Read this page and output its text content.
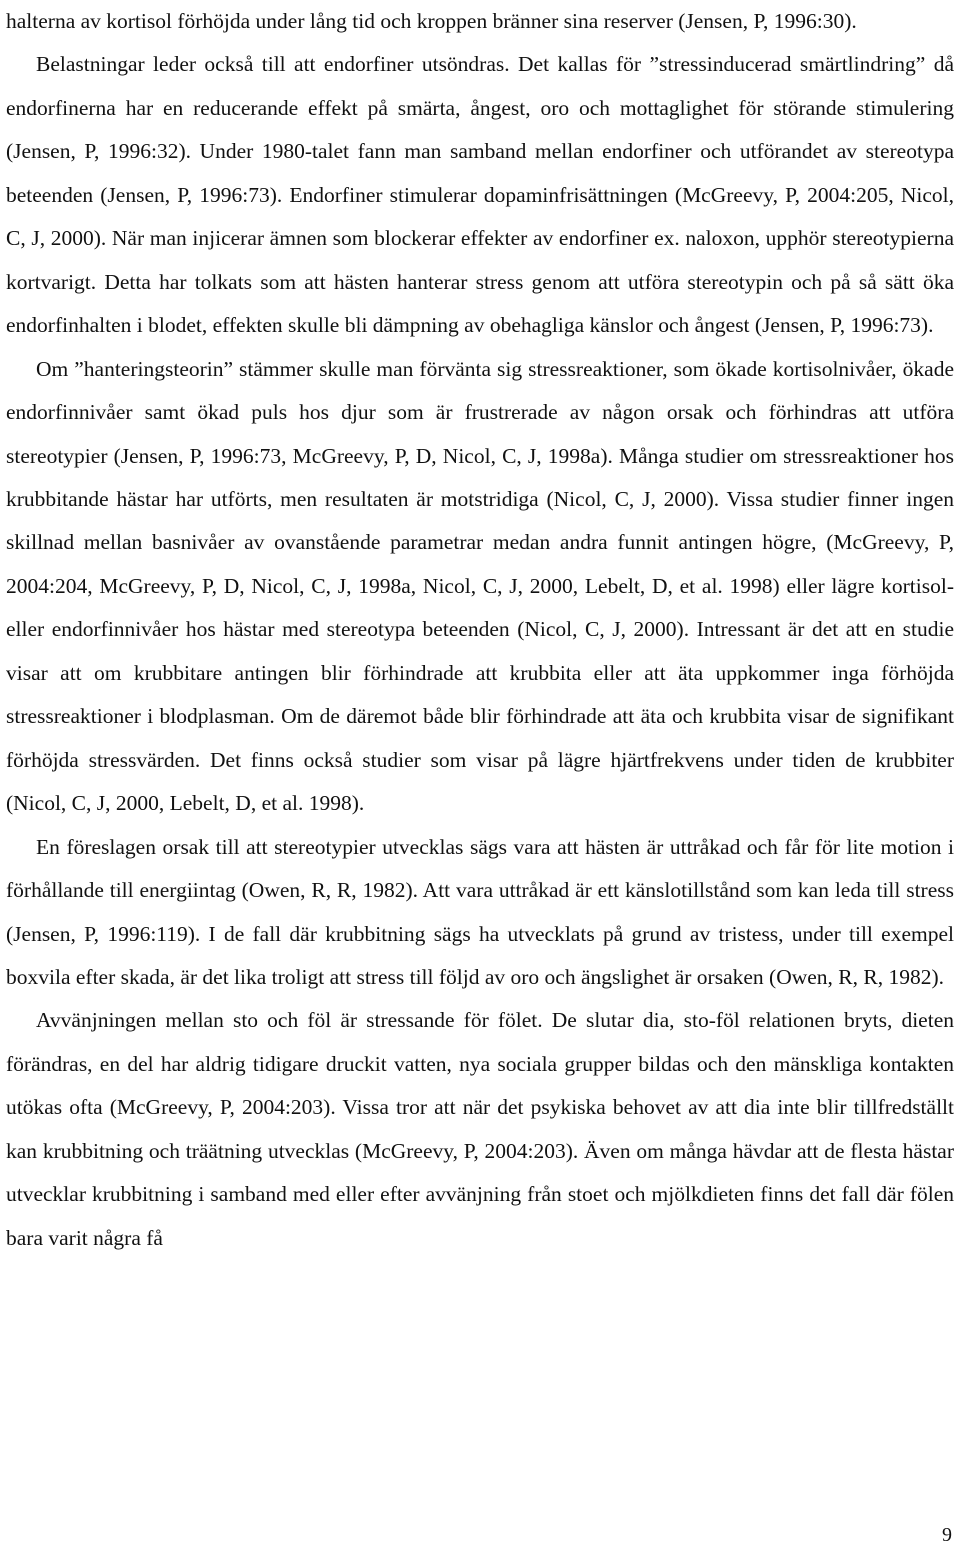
halterna av kortisol förhöjda under lång tid och kroppen bränner sina reserver (Jensen, P, 1996:30).

Belastningar leder också till att endorfiner utsöndras. Det kallas för ”stressinducerad smärtlindring” då endorfinerna har en reducerande effekt på smärta, ångest, oro och mottaglighet för störande stimulering (Jensen, P, 1996:32). Under 1980-talet fann man samband mellan endorfiner och utförandet av stereotypa beteenden (Jensen, P, 1996:73). Endorfiner stimulerar dopaminfrisättningen (McGreevy, P, 2004:205, Nicol, C, J, 2000). När man injicerar ämnen som blockerar effekter av endorfiner ex. naloxon, upphör stereotypierna kortvarigt. Detta har tolkats som att hästen hanterar stress genom att utföra stereotypin och på så sätt öka endorfinhalten i blodet, effekten skulle bli dämpning av obehagliga känslor och ångest (Jensen, P, 1996:73).

Om ”hanteringsteorin” stämmer skulle man förvänta sig stressreaktioner, som ökade kortisolnivåer, ökade endorfinnivåer samt ökad puls hos djur som är frustrerade av någon orsak och förhindras att utföra stereotypier (Jensen, P, 1996:73, McGreevy, P, D, Nicol, C, J, 1998a). Många studier om stressreaktioner hos krubbitande hästar har utförts, men resultaten är motstridiga (Nicol, C, J, 2000). Vissa studier finner ingen skillnad mellan basnivåer av ovanstående parametrar medan andra funnit antingen högre, (McGreevy, P, 2004:204, McGreevy, P, D, Nicol, C, J, 1998a, Nicol, C, J, 2000, Lebelt, D, et al. 1998) eller lägre kortisol- eller endorfinnivåer hos hästar med stereotypa beteenden (Nicol, C, J, 2000). Intressant är det att en studie visar att om krubbitare antingen blir förhindrade att krubbita eller att äta uppkommer inga förhöjda stressreaktioner i blodplasman. Om de däremot både blir förhindrade att äta och krubbita visar de signifikant förhöjda stressvärden. Det finns också studier som visar på lägre hjärtfrekvens under tiden de krubbiter (Nicol, C, J, 2000, Lebelt, D, et al. 1998).

En föreslagen orsak till att stereotypier utvecklas sägs vara att hästen är uttråkad och får för lite motion i förhållande till energiintag (Owen, R, R, 1982). Att vara uttråkad är ett känslotillstånd som kan leda till stress (Jensen, P, 1996:119). I de fall där krubbitning sägs ha utvecklats på grund av tristess, under till exempel boxvila efter skada, är det lika troligt att stress till följd av oro och ängslighet är orsaken (Owen, R, R, 1982).

Avvänjningen mellan sto och föl är stressande för fölet. De slutar dia, sto-föl relationen bryts, dieten förändras, en del har aldrig tidigare druckit vatten, nya sociala grupper bildas och den mänskliga kontakten utökas ofta (McGreevy, P, 2004:203). Vissa tror att när det psykiska behovet av att dia inte blir tillfredställt kan krubbitning och träätning utvecklas (McGreevy, P, 2004:203). Även om många hävdar att de flesta hästar utvecklar krubbitning i samband med eller efter avvänjning från stoet och mjölkdieten finns det fall där fölen bara varit några få

9
